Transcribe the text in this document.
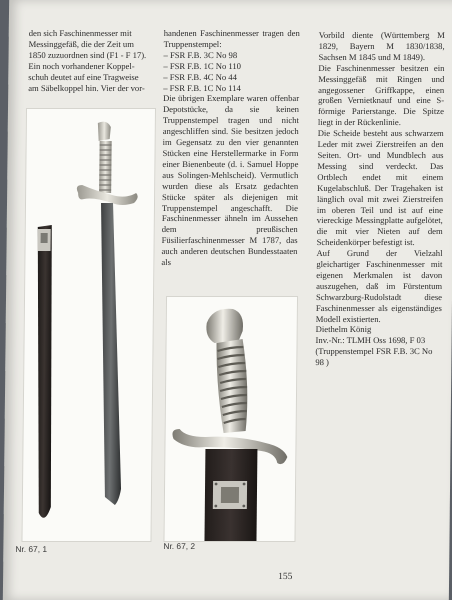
den sich Faschinenmesser mit

Messinggefäß, die der Zeit um

1850 zuzuordnen sind (F1 - F 17).

Ein noch vorhandener Koppel-

schuh deutet auf eine Tragweise

am Säbelkoppel hin. Vier der vor-

handenen Faschinenmesser tragen den Truppenstempel:

– FSR F.B. 3C No 98
– FSR F.B. 1C No 110
– FSR F.B. 4C No 44
– FSR F.B. 1C No 114

Die übrigen Exemplare waren offenbar Depotstücke, da sie keinen Truppenstempel tragen und nicht angeschliffen sind. Sie besitzen jedoch im Gegensatz zu den vier genannten Stücken eine Herstellermarke in Form einer Bienenbeute (d. i. Samuel Hoppe aus Solingen-Mehlscheid). Vermutlich wurden diese als Ersatz gedachten Stücke später als diejenigen mit Truppenstempel angeschafft. Die Faschinenmesser ähneln im Aussehen dem preußischen Füsilierfaschinenmesser M 1787, das auch anderen deutschen Bundesstaaten als

Vorbild diente (Württemberg M 1829, Bayern M 1830/1838, Sachsen M 1845 und M 1849).

Die Faschinenmesser besitzen ein Messinggefäß mit Ringen und angegossener Griffkappe, einen großen Vernietknauf und eine S-förmige Parierstange. Die Spitze liegt in der Rückenlinie.

Die Scheide besteht aus schwarzem Leder mit zwei Zierstreifen an den Seiten. Ort- und Mundblech aus Messing sind verdeckt. Das Ortblech endet mit einem Kugelabschluß. Der Tragehaken ist länglich oval mit zwei Zierstreifen im oberen Teil und ist auf eine viereckige Messingplatte aufgelötet, die mit vier Nieten auf dem Scheidenkörper befestigt ist.

Auf Grund der Vielzahl gleichartiger Faschinenmesser mit eigenen Merkmalen ist davon auszugehen, daß im Fürstentum Schwarzburg-Rudolstadt diese Faschinenmesser als eigenständiges Modell existierten.

Diethelm König

Inv.-Nr.: TLMH Oss 1698, F 03 (Truppenstempel FSR F.B. 3C No 98 )

Nr. 67, 1	Nr. 67, 2
155
